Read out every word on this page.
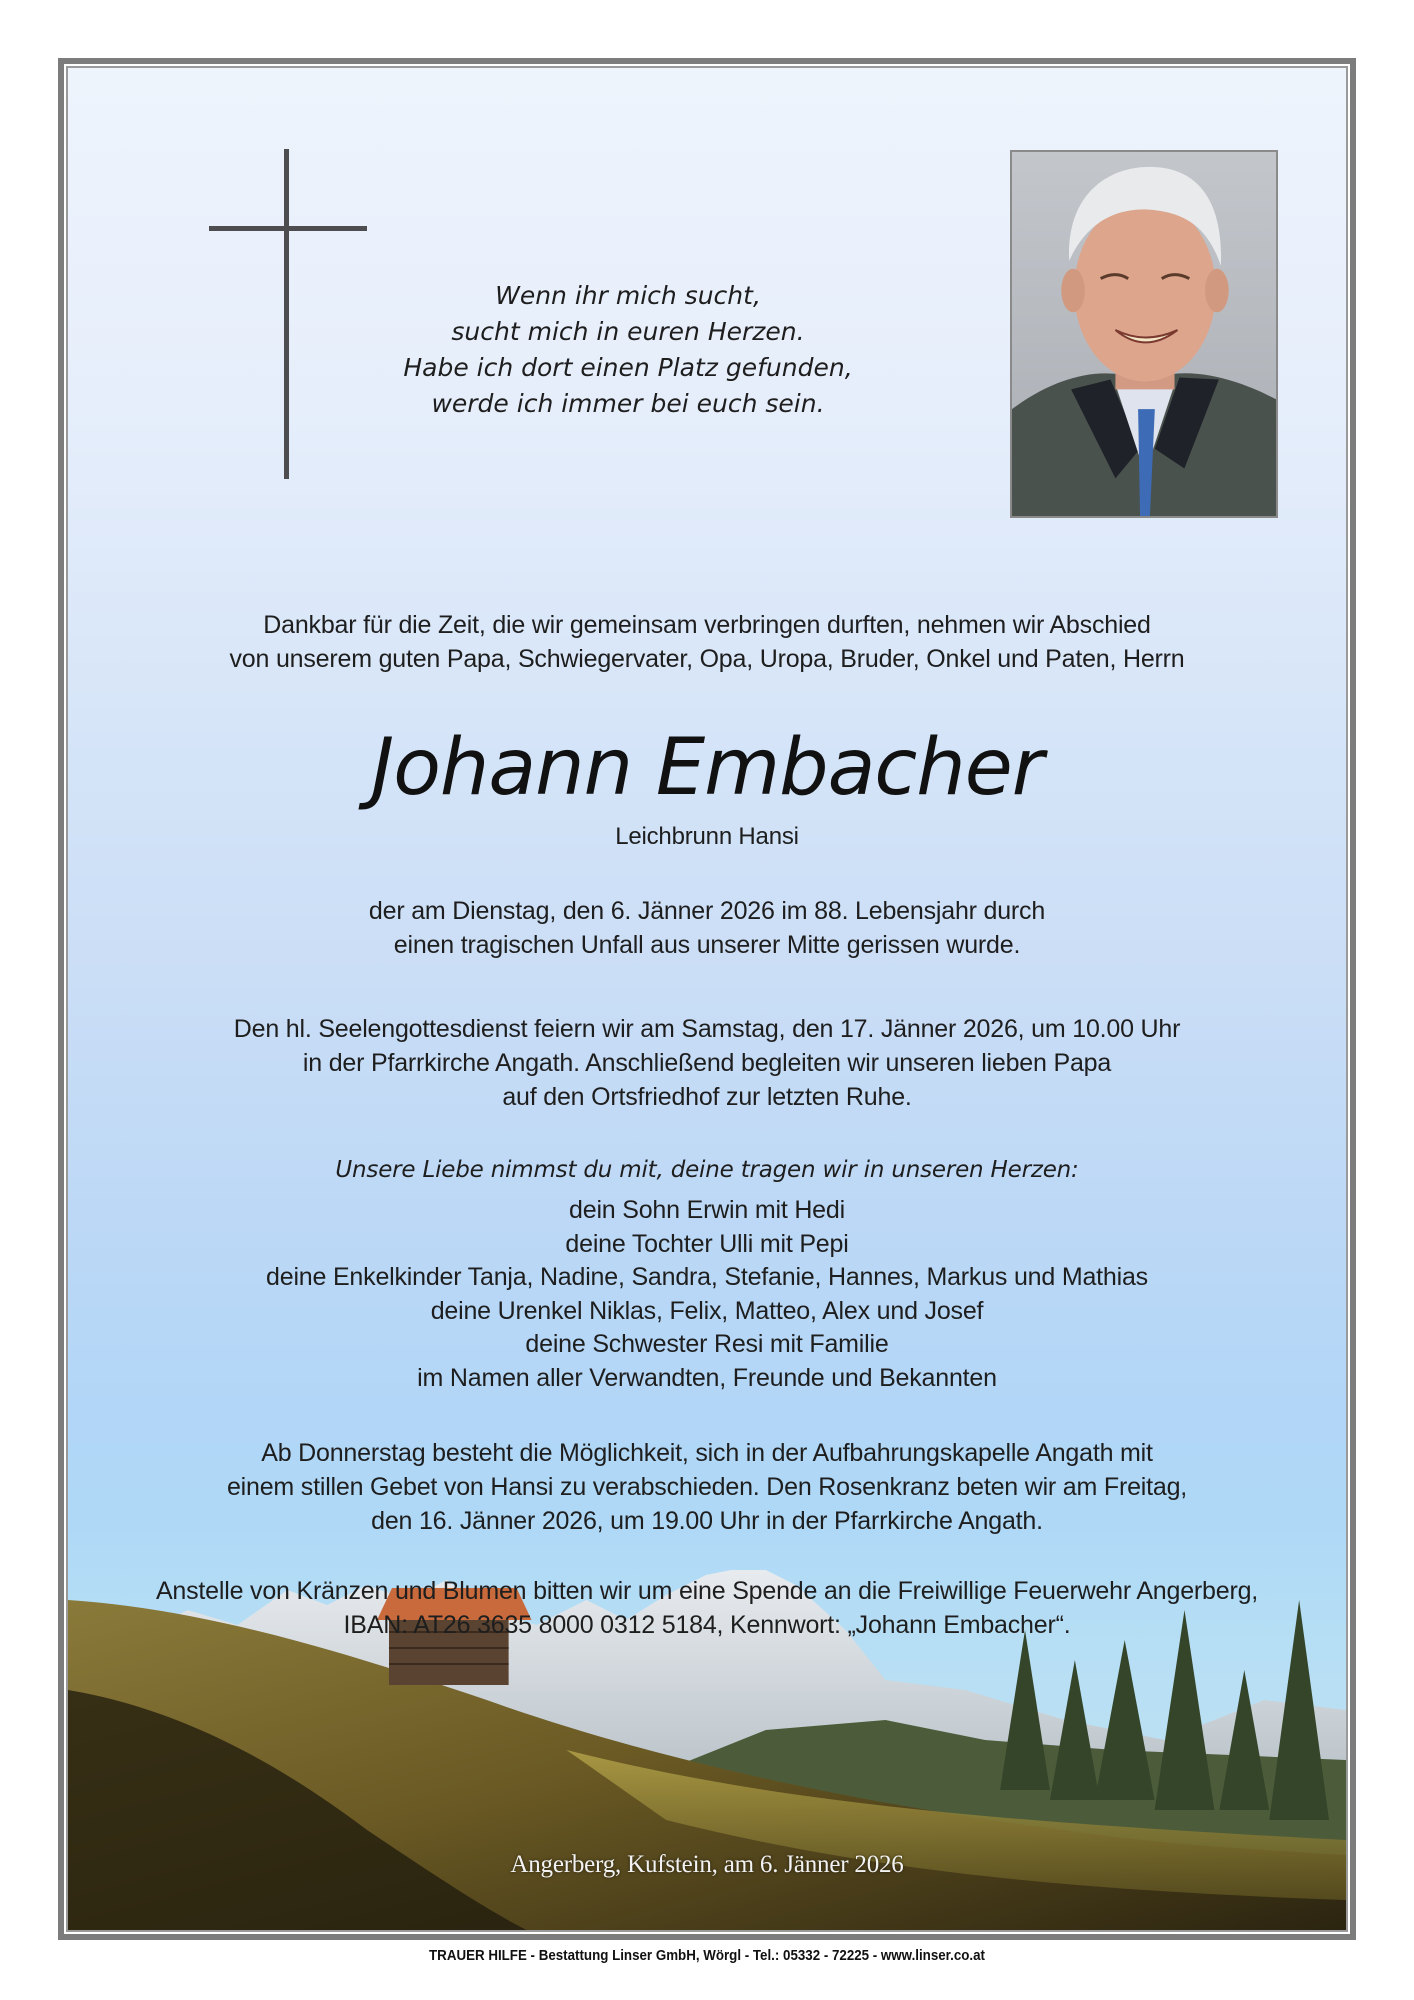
Wenn ihr mich sucht,
sucht mich in euren Herzen.
Habe ich dort einen Platz gefunden,
werde ich immer bei euch sein.
Dankbar für die Zeit, die wir gemeinsam verbringen durften, nehmen wir Abschied
von unserem guten Papa, Schwiegervater, Opa, Uropa, Bruder, Onkel und Paten, Herrn
Johann Embacher
Leichbrunn Hansi
der am Dienstag, den 6. Jänner 2026 im 88. Lebensjahr durch
einen tragischen Unfall aus unserer Mitte gerissen wurde.
Den hl. Seelengottesdienst feiern wir am Samstag, den 17. Jänner 2026, um 10.00 Uhr
in der Pfarrkirche Angath. Anschließend begleiten wir unseren lieben Papa
auf den Ortsfriedhof zur letzten Ruhe.
Unsere Liebe nimmst du mit, deine tragen wir in unseren Herzen:
dein Sohn Erwin mit Hedi
deine Tochter Ulli mit Pepi
deine Enkelkinder Tanja, Nadine, Sandra, Stefanie, Hannes, Markus und Mathias
deine Urenkel Niklas, Felix, Matteo, Alex und Josef
deine Schwester Resi mit Familie
im Namen aller Verwandten, Freunde und Bekannten
Ab Donnerstag besteht die Möglichkeit, sich in der Aufbahrungskapelle Angath mit
einem stillen Gebet von Hansi zu verabschieden. Den Rosenkranz beten wir am Freitag,
den 16. Jänner 2026, um 19.00 Uhr in der Pfarrkirche Angath.
Anstelle von Kränzen und Blumen bitten wir um eine Spende an die Freiwillige Feuerwehr Angerberg,
IBAN: AT26 3635 8000 0312 5184, Kennwort: „Johann Embacher“.
Angerberg, Kufstein, am 6. Jänner 2026
TRAUER HILFE - Bestattung Linser GmbH, Wörgl - Tel.: 05332 - 72225 - www.linser.co.at
